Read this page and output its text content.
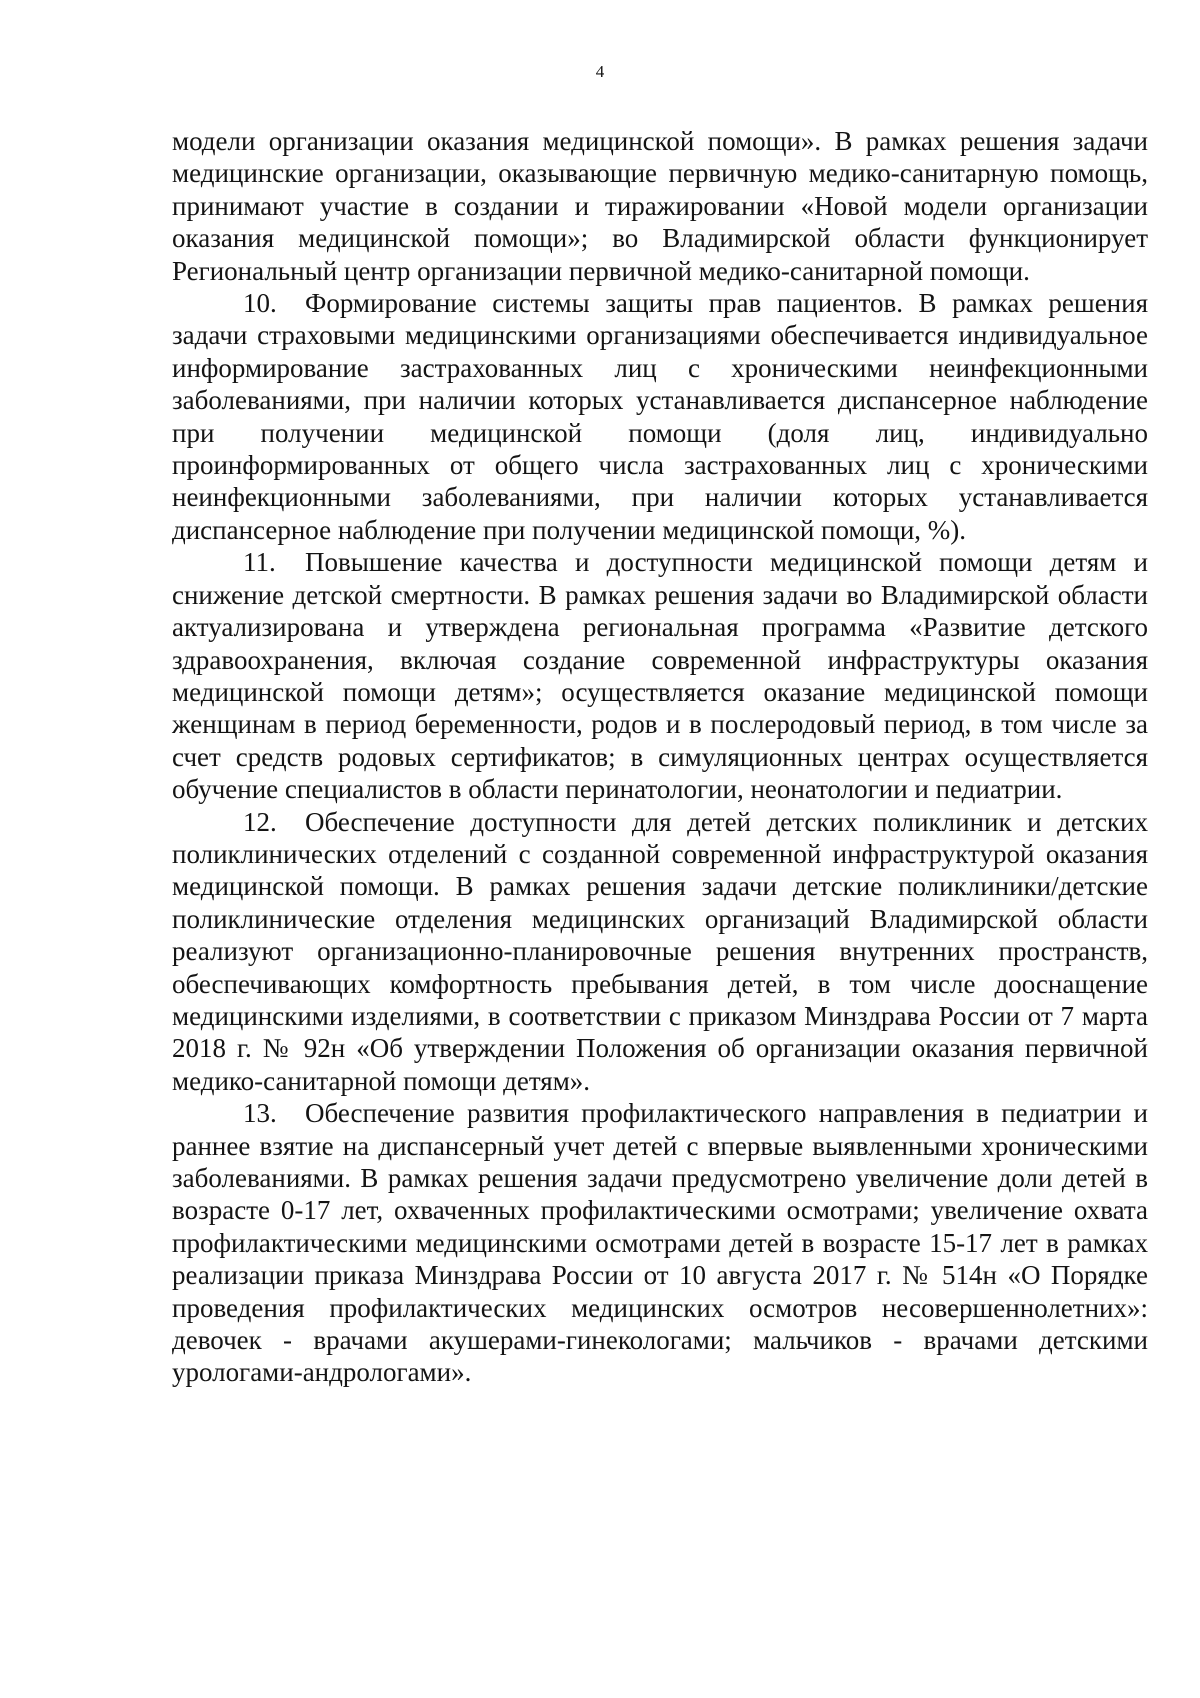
4

модели организации оказания медицинской помощи». В рамках решения задачи медицинские организации, оказывающие первичную медико-санитарную помощь, принимают участие в создании и тиражировании «Новой модели организации оказания медицинской помощи»; во Владимирской области функционирует Региональный центр организации первичной медико-санитарной помощи.

10. Формирование системы защиты прав пациентов. В рамках решения задачи страховыми медицинскими организациями обеспечивается индивидуальное информирование застрахованных лиц с хроническими неинфекционными заболеваниями, при наличии которых устанавливается диспансерное наблюдение при получении медицинской помощи (доля лиц, индивидуально проинформированных от общего числа застрахованных лиц с хроническими неинфекционными заболеваниями, при наличии которых устанавливается диспансерное наблюдение при получении медицинской помощи, %).

11. Повышение качества и доступности медицинской помощи детям и снижение детской смертности. В рамках решения задачи во Владимирской области актуализирована и утверждена региональная программа «Развитие детского здравоохранения, включая создание современной инфраструктуры оказания медицинской помощи детям»; осуществляется оказание медицинской помощи женщинам в период беременности, родов и в послеродовый период, в том числе за счет средств родовых сертификатов; в симуляционных центрах осуществляется обучение специалистов в области перинатологии, неонатологии и педиатрии.

12. Обеспечение доступности для детей детских поликлиник и детских поликлинических отделений с созданной современной инфраструктурой оказания медицинской помощи. В рамках решения задачи детские поликлиники/детские поликлинические отделения медицинских организаций Владимирской области реализуют организационно-планировочные решения внутренних пространств, обеспечивающих комфортность пребывания детей, в том числе дооснащение медицинскими изделиями, в соответствии с приказом Минздрава России от 7 марта 2018 г. № 92н «Об утверждении Положения об организации оказания первичной медико-санитарной помощи детям».

13. Обеспечение развития профилактического направления в педиатрии и раннее взятие на диспансерный учет детей с впервые выявленными хроническими заболеваниями. В рамках решения задачи предусмотрено увеличение доли детей в возрасте 0-17 лет, охваченных профилактическими осмотрами; увеличение охвата профилактическими медицинскими осмотрами детей в возрасте 15-17 лет в рамках реализации приказа Минздрава России от 10 августа 2017 г. № 514н «О Порядке проведения профилактических медицинских осмотров несовершеннолетних»: девочек - врачами акушерами-гинекологами; мальчиков - врачами детскими урологами-андрологами».
